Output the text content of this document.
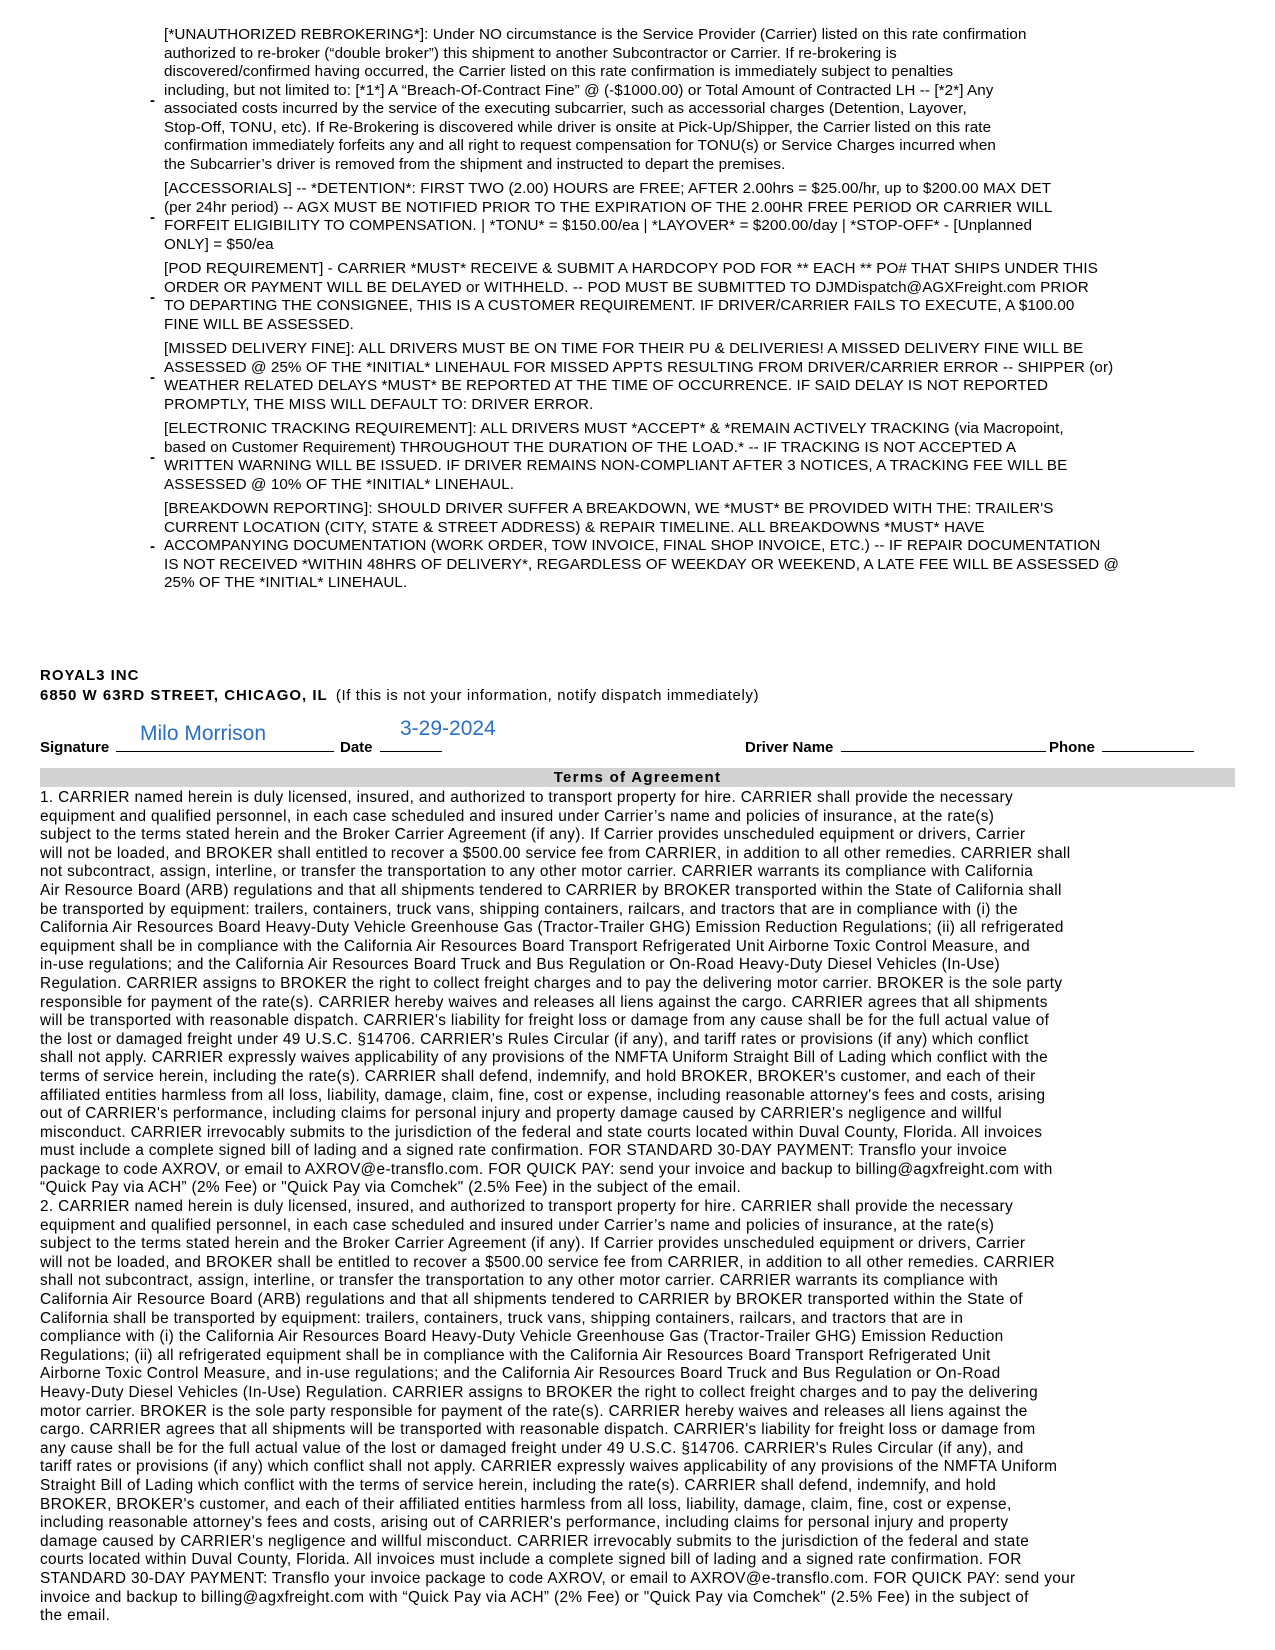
-
[*UNAUTHORIZED REBROKERING*]: Under NO circumstance is the Service Provider (Carrier) listed on this rate confirmation
authorized to re-broker (“double broker”) this shipment to another Subcontractor or Carrier. If re-brokering is
discovered/confirmed having occurred, the Carrier listed on this rate confirmation is immediately subject to penalties
including, but not limited to: [*1*] A “Breach-Of-Contract Fine” @ (-$1000.00) or Total Amount of Contracted LH -- [*2*] Any
associated costs incurred by the service of the executing subcarrier, such as accessorial charges (Detention, Layover,
Stop-Off, TONU, etc). If Re-Brokering is discovered while driver is onsite at Pick-Up/Shipper, the Carrier listed on this rate
confirmation immediately forfeits any and all right to request compensation for TONU(s) or Service Charges incurred when
the Subcarrier’s driver is removed from the shipment and instructed to depart the premises.
-
[ACCESSORIALS] -- *DETENTION*: FIRST TWO (2.00) HOURS are FREE; AFTER 2.00hrs = $25.00/hr, up to $200.00 MAX DET
(per 24hr period) -- AGX MUST BE NOTIFIED PRIOR TO THE EXPIRATION OF THE 2.00HR FREE PERIOD OR CARRIER WILL
FORFEIT ELIGIBILITY TO COMPENSATION. | *TONU* = $150.00/ea | *LAYOVER* = $200.00/day | *STOP-OFF* - [Unplanned
ONLY] = $50/ea
-
[POD REQUIREMENT] - CARRIER *MUST* RECEIVE & SUBMIT A HARDCOPY POD FOR ** EACH ** PO# THAT SHIPS UNDER THIS
ORDER OR PAYMENT WILL BE DELAYED or WITHHELD. -- POD MUST BE SUBMITTED TO DJMDispatch@AGXFreight.com PRIOR
TO DEPARTING THE CONSIGNEE, THIS IS A CUSTOMER REQUIREMENT. IF DRIVER/CARRIER FAILS TO EXECUTE, A $100.00
FINE WILL BE ASSESSED.
-
[MISSED DELIVERY FINE]: ALL DRIVERS MUST BE ON TIME FOR THEIR PU & DELIVERIES! A MISSED DELIVERY FINE WILL BE
ASSESSED @ 25% OF THE *INITIAL* LINEHAUL FOR MISSED APPTS RESULTING FROM DRIVER/CARRIER ERROR -- SHIPPER (or)
WEATHER RELATED DELAYS *MUST* BE REPORTED AT THE TIME OF OCCURRENCE. IF SAID DELAY IS NOT REPORTED
PROMPTLY, THE MISS WILL DEFAULT TO: DRIVER ERROR.
-
[ELECTRONIC TRACKING REQUIREMENT]: ALL DRIVERS MUST *ACCEPT* & *REMAIN ACTIVELY TRACKING (via Macropoint,
based on Customer Requirement) THROUGHOUT THE DURATION OF THE LOAD.* -- IF TRACKING IS NOT ACCEPTED A
WRITTEN WARNING WILL BE ISSUED. IF DRIVER REMAINS NON-COMPLIANT AFTER 3 NOTICES, A TRACKING FEE WILL BE
ASSESSED @ 10% OF THE *INITIAL* LINEHAUL.
-
[BREAKDOWN REPORTING]: SHOULD DRIVER SUFFER A BREAKDOWN, WE *MUST* BE PROVIDED WITH THE: TRAILER'S
CURRENT LOCATION (CITY, STATE & STREET ADDRESS) & REPAIR TIMELINE. ALL BREAKDOWNS *MUST* HAVE
ACCOMPANYING DOCUMENTATION (WORK ORDER, TOW INVOICE, FINAL SHOP INVOICE, ETC.) -- IF REPAIR DOCUMENTATION
IS NOT RECEIVED *WITHIN 48HRS OF DELIVERY*, REGARDLESS OF WEEKDAY OR WEEKEND, A LATE FEE WILL BE ASSESSED @
25% OF THE *INITIAL* LINEHAUL.
ROYAL3 INC
6850 W 63RD STREET, CHICAGO, IL (If this is not your information, notify dispatch immediately)
Signature
Milo Morrison
Date
3-29-2024
Driver Name	Phone
Terms of Agreement

1. CARRIER named herein is duly licensed, insured, and authorized to transport property for hire. CARRIER shall provide the necessary
equipment and qualified personnel, in each case scheduled and insured under Carrier’s name and policies of insurance, at the rate(s)
subject to the terms stated herein and the Broker Carrier Agreement (if any). If Carrier provides unscheduled equipment or drivers, Carrier
will not be loaded, and BROKER shall entitled to recover a $500.00 service fee from CARRIER, in addition to all other remedies. CARRIER shall
not subcontract, assign, interline, or transfer the transportation to any other motor carrier. CARRIER warrants its compliance with California
Air Resource Board (ARB) regulations and that all shipments tendered to CARRIER by BROKER transported within the State of California shall
be transported by equipment: trailers, containers, truck vans, shipping containers, railcars, and tractors that are in compliance with (i) the
California Air Resources Board Heavy-Duty Vehicle Greenhouse Gas (Tractor-Trailer GHG) Emission Reduction Regulations; (ii) all refrigerated
equipment shall be in compliance with the California Air Resources Board Transport Refrigerated Unit Airborne Toxic Control Measure, and
in-use regulations; and the California Air Resources Board Truck and Bus Regulation or On-Road Heavy-Duty Diesel Vehicles (In-Use)
Regulation. CARRIER assigns to BROKER the right to collect freight charges and to pay the delivering motor carrier. BROKER is the sole party
responsible for payment of the rate(s). CARRIER hereby waives and releases all liens against the cargo. CARRIER agrees that all shipments
will be transported with reasonable dispatch. CARRIER's liability for freight loss or damage from any cause shall be for the full actual value of
the lost or damaged freight under 49 U.S.C. §14706. CARRIER's Rules Circular (if any), and tariff rates or provisions (if any) which conflict
shall not apply. CARRIER expressly waives applicability of any provisions of the NMFTA Uniform Straight Bill of Lading which conflict with the
terms of service herein, including the rate(s). CARRIER shall defend, indemnify, and hold BROKER, BROKER's customer, and each of their
affiliated entities harmless from all loss, liability, damage, claim, fine, cost or expense, including reasonable attorney's fees and costs, arising
out of CARRIER's performance, including claims for personal injury and property damage caused by CARRIER's negligence and willful
misconduct. CARRIER irrevocably submits to the jurisdiction of the federal and state courts located within Duval County, Florida. All invoices
must include a complete signed bill of lading and a signed rate confirmation. FOR STANDARD 30-DAY PAYMENT: Transflo your invoice
package to code AXROV, or email to AXROV@e-transflo.com. FOR QUICK PAY: send your invoice and backup to billing@agxfreight.com with
“Quick Pay via ACH” (2% Fee) or "Quick Pay via Comchek" (2.5% Fee) in the subject of the email.

2. CARRIER named herein is duly licensed, insured, and authorized to transport property for hire. CARRIER shall provide the necessary
equipment and qualified personnel, in each case scheduled and insured under Carrier’s name and policies of insurance, at the rate(s)
subject to the terms stated herein and the Broker Carrier Agreement (if any). If Carrier provides unscheduled equipment or drivers, Carrier
will not be loaded, and BROKER shall be entitled to recover a $500.00 service fee from CARRIER, in addition to all other remedies. CARRIER
shall not subcontract, assign, interline, or transfer the transportation to any other motor carrier. CARRIER warrants its compliance with
California Air Resource Board (ARB) regulations and that all shipments tendered to CARRIER by BROKER transported within the State of
California shall be transported by equipment: trailers, containers, truck vans, shipping containers, railcars, and tractors that are in
compliance with (i) the California Air Resources Board Heavy-Duty Vehicle Greenhouse Gas (Tractor-Trailer GHG) Emission Reduction
Regulations; (ii) all refrigerated equipment shall be in compliance with the California Air Resources Board Transport Refrigerated Unit
Airborne Toxic Control Measure, and in-use regulations; and the California Air Resources Board Truck and Bus Regulation or On-Road
Heavy-Duty Diesel Vehicles (In-Use) Regulation. CARRIER assigns to BROKER the right to collect freight charges and to pay the delivering
motor carrier. BROKER is the sole party responsible for payment of the rate(s). CARRIER hereby waives and releases all liens against the
cargo. CARRIER agrees that all shipments will be transported with reasonable dispatch. CARRIER's liability for freight loss or damage from
any cause shall be for the full actual value of the lost or damaged freight under 49 U.S.C. §14706. CARRIER's Rules Circular (if any), and
tariff rates or provisions (if any) which conflict shall not apply. CARRIER expressly waives applicability of any provisions of the NMFTA Uniform
Straight Bill of Lading which conflict with the terms of service herein, including the rate(s). CARRIER shall defend, indemnify, and hold
BROKER, BROKER's customer, and each of their affiliated entities harmless from all loss, liability, damage, claim, fine, cost or expense,
including reasonable attorney's fees and costs, arising out of CARRIER's performance, including claims for personal injury and property
damage caused by CARRIER's negligence and willful misconduct. CARRIER irrevocably submits to the jurisdiction of the federal and state
courts located within Duval County, Florida. All invoices must include a complete signed bill of lading and a signed rate confirmation. FOR
STANDARD 30-DAY PAYMENT: Transflo your invoice package to code AXROV, or email to AXROV@e-transflo.com. FOR QUICK PAY: send your
invoice and backup to billing@agxfreight.com with “Quick Pay via ACH” (2% Fee) or "Quick Pay via Comchek" (2.5% Fee) in the subject of
the email.
